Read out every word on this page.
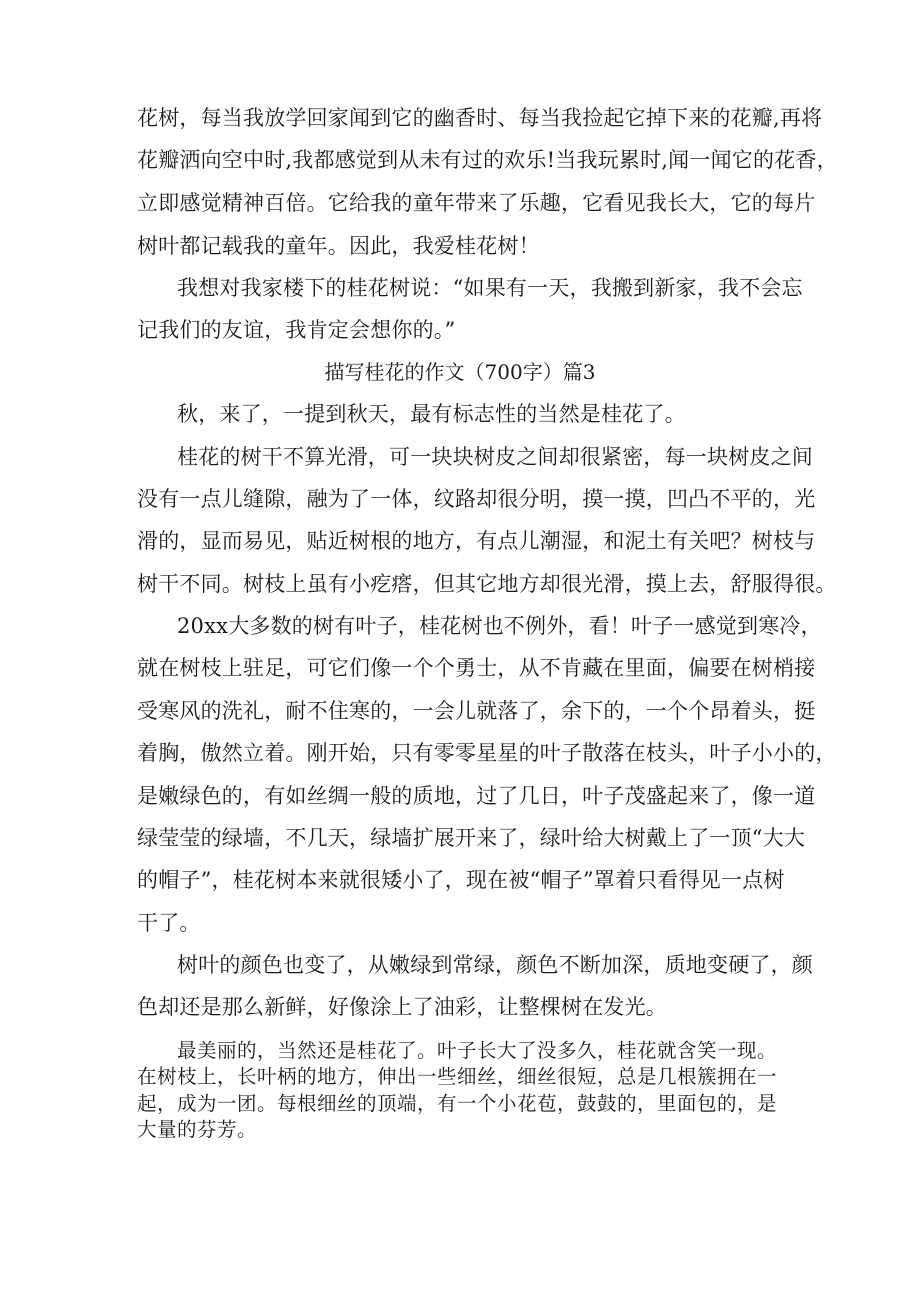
花树，每当我放学回家闻到它的幽香时、每当我捡起它掉下来的花瓣,再将
花瓣洒向空中时,我都感觉到从未有过的欢乐!当我玩累时,闻一闻它的花香，
立即感觉精神百倍。它给我的童年带来了乐趣，它看见我长大，它的每片
树叶都记载我的童年。因此，我爱桂花树！
我想对我家楼下的桂花树说：“如果有一天，我搬到新家，我不会忘
记我们的友谊，我肯定会想你的。”
描写桂花的作文（700字）篇3
秋，来了，一提到秋天，最有标志性的当然是桂花了。
桂花的树干不算光滑，可一块块树皮之间却很紧密，每一块树皮之间
没有一点儿缝隙，融为了一体，纹路却很分明，摸一摸，凹凸不平的，光
滑的，显而易见，贴近树根的地方，有点儿潮湿，和泥土有关吧？树枝与
树干不同。树枝上虽有小疙瘩，但其它地方却很光滑，摸上去，舒服得很。
20xx大多数的树有叶子，桂花树也不例外，看！叶子一感觉到寒冷，
就在树枝上驻足，可它们像一个个勇士，从不肯藏在里面，偏要在树梢接
受寒风的洗礼，耐不住寒的，一会儿就落了，余下的，一个个昂着头，挺
着胸，傲然立着。刚开始，只有零零星星的叶子散落在枝头，叶子小小的，
是嫩绿色的，有如丝绸一般的质地，过了几日，叶子茂盛起来了，像一道
绿莹莹的绿墙，不几天，绿墙扩展开来了，绿叶给大树戴上了一顶“大大
的帽子”，桂花树本来就很矮小了，现在被“帽子”罩着只看得见一点树
干了。
树叶的颜色也变了，从嫩绿到常绿，颜色不断加深，质地变硬了，颜
色却还是那么新鲜，好像涂上了油彩，让整棵树在发光。
最美丽的，当然还是桂花了。叶子长大了没多久，桂花就含笑一现。
在树枝上，长叶柄的地方，伸出一些细丝，细丝很短，总是几根簇拥在一
起，成为一团。每根细丝的顶端，有一个小花苞，鼓鼓的，里面包的，是
大量的芬芳。
